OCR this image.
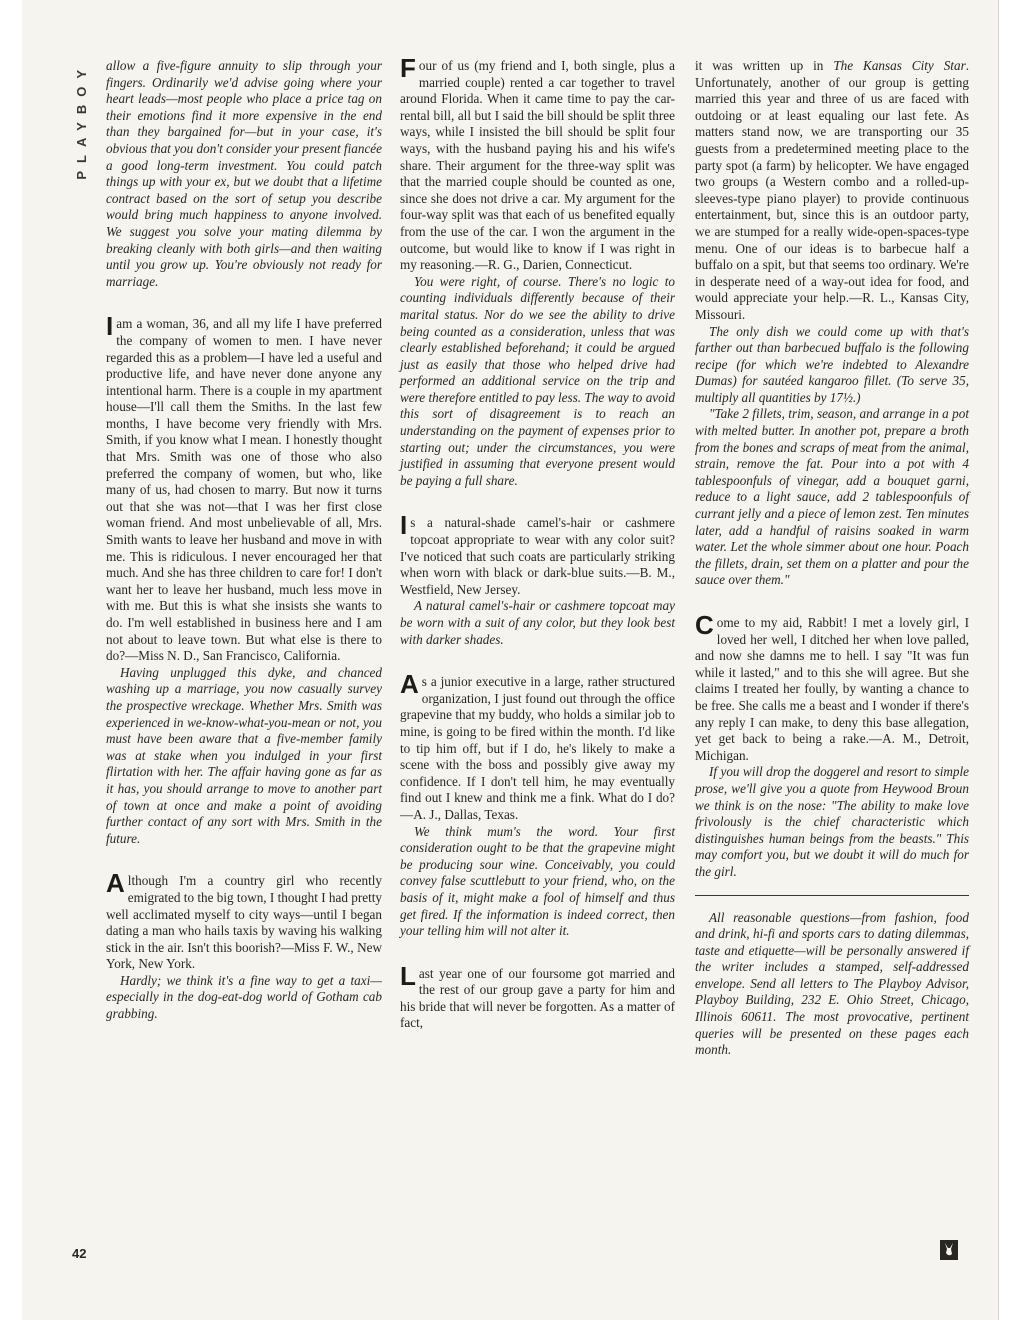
PLAYBOY	allow a five-figure annuity to slip through your fingers. Ordinarily we'd advise going where your heart leads—most people who place a price tag on their emotions find it more expensive in the end than they bargained for—but in your case, it's obvious that you don't consider your present fiancée a good long-term investment. You could patch things up with your ex, but we doubt that a lifetime contract based on the sort of setup you describe would bring much happiness to anyone involved. We suggest you solve your mating dilemma by breaking cleanly with both girls—and then waiting until you grow up. You're obviously not ready for marriage.

I am a woman, 36, and all my life I have preferred the company of women to men. I have never regarded this as a problem—I have led a useful and productive life, and have never done anyone any intentional harm. There is a couple in my apartment house—I'll call them the Smiths. In the last few months, I have become very friendly with Mrs. Smith, if you know what I mean. I honestly thought that Mrs. Smith was one of those who also preferred the company of women, but who, like many of us, had chosen to marry. But now it turns out that she was not—that I was her first close woman friend. And most unbelievable of all, Mrs. Smith wants to leave her husband and move in with me. This is ridiculous. I never encouraged her that much. And she has three children to care for! I don't want her to leave her husband, much less move in with me. But this is what she insists she wants to do. I'm well established in business here and I am not about to leave town. But what else is there to do?—Miss N. D., San Francisco, California.

Having unplugged this dyke, and chanced washing up a marriage, you now casually survey the prospective wreckage. Whether Mrs. Smith was experienced in we-know-what-you-mean or not, you must have been aware that a five-member family was at stake when you indulged in your first flirtation with her. The affair having gone as far as it has, you should arrange to move to another part of town at once and make a point of avoiding further contact of any sort with Mrs. Smith in the future.

Although I'm a country girl who recently emigrated to the big town, I thought I had pretty well acclimated myself to city ways—until I began dating a man who hails taxis by waving his walking stick in the air. Isn't this boorish?—Miss F. W., New York, New York.

Hardly; we think it's a fine way to get a taxi—especially in the dog-eat-dog world of Gotham cab grabbing.

Four of us (my friend and I, both single, plus a married couple) rented a car together to travel around Florida. When it came time to pay the car-rental bill, all but I said the bill should be split three ways, while I insisted the bill should be split four ways, with the husband paying his and his wife's share. Their argument for the three-way split was that the married couple should be counted as one, since she does not drive a car. My argument for the four-way split was that each of us benefited equally from the use of the car. I won the argument in the outcome, but would like to know if I was right in my reasoning.—R. G., Darien, Connecticut.

You were right, of course. There's no logic to counting individuals differently because of their marital status. Nor do we see the ability to drive being counted as a consideration, unless that was clearly established beforehand; it could be argued just as easily that those who helped drive had performed an additional service on the trip and were therefore entitled to pay less. The way to avoid this sort of disagreement is to reach an understanding on the payment of expenses prior to starting out; under the circumstances, you were justified in assuming that everyone present would be paying a full share.

Is a natural-shade camel's-hair or cashmere topcoat appropriate to wear with any color suit? I've noticed that such coats are particularly striking when worn with black or dark-blue suits.—B. M., Westfield, New Jersey.

A natural camel's-hair or cashmere topcoat may be worn with a suit of any color, but they look best with darker shades.

As a junior executive in a large, rather structured organization, I just found out through the office grapevine that my buddy, who holds a similar job to mine, is going to be fired within the month. I'd like to tip him off, but if I do, he's likely to make a scene with the boss and possibly give away my confidence. If I don't tell him, he may eventually find out I knew and think me a fink. What do I do?—A. J., Dallas, Texas.

We think mum's the word. Your first consideration ought to be that the grapevine might be producing sour wine. Conceivably, you could convey false scuttlebutt to your friend, who, on the basis of it, might make a fool of himself and thus get fired. If the information is indeed correct, then your telling him will not alter it.

Last year one of our foursome got married and the rest of our group gave a party for him and his bride that will never be forgotten. As a matter of fact,

it was written up in The Kansas City Star. Unfortunately, another of our group is getting married this year and three of us are faced with outdoing or at least equaling our last fete. As matters stand now, we are transporting our 35 guests from a predetermined meeting place to the party spot (a farm) by helicopter. We have engaged two groups (a Western combo and a rolled-up-sleeves-type piano player) to provide continuous entertainment, but, since this is an outdoor party, we are stumped for a really wide-open-spaces-type menu. One of our ideas is to barbecue half a buffalo on a spit, but that seems too ordinary. We're in desperate need of a way-out idea for food, and would appreciate your help.—R. L., Kansas City, Missouri.

The only dish we could come up with that's farther out than barbecued buffalo is the following recipe (for which we're indebted to Alexandre Dumas) for sautéed kangaroo fillet. (To serve 35, multiply all quantities by 17½.)

"Take 2 fillets, trim, season, and arrange in a pot with melted butter. In another pot, prepare a broth from the bones and scraps of meat from the animal, strain, remove the fat. Pour into a pot with 4 tablespoonfuls of vinegar, add a bouquet garni, reduce to a light sauce, add 2 tablespoonfuls of currant jelly and a piece of lemon zest. Ten minutes later, add a handful of raisins soaked in warm water. Let the whole simmer about one hour. Poach the fillets, drain, set them on a platter and pour the sauce over them."

Come to my aid, Rabbit! I met a lovely girl, I loved her well, I ditched her when love palled, and now she damns me to hell. I say "It was fun while it lasted," and to this she will agree. But she claims I treated her foully, by wanting a chance to be free. She calls me a beast and I wonder if there's any reply I can make, to deny this base allegation, yet get back to being a rake.—A. M., Detroit, Michigan.

If you will drop the doggerel and resort to simple prose, we'll give you a quote from Heywood Broun we think is on the nose: "The ability to make love frivolously is the chief characteristic which distinguishes human beings from the beasts." This may comfort you, but we doubt it will do much for the girl.

All reasonable questions—from fashion, food and drink, hi-fi and sports cars to dating dilemmas, taste and etiquette—will be personally answered if the writer includes a stamped, self-addressed envelope. Send all letters to The Playboy Advisor, Playboy Building, 232 E. Ohio Street, Chicago, Illinois 60611. The most provocative, pertinent queries will be presented on these pages each month.

42
